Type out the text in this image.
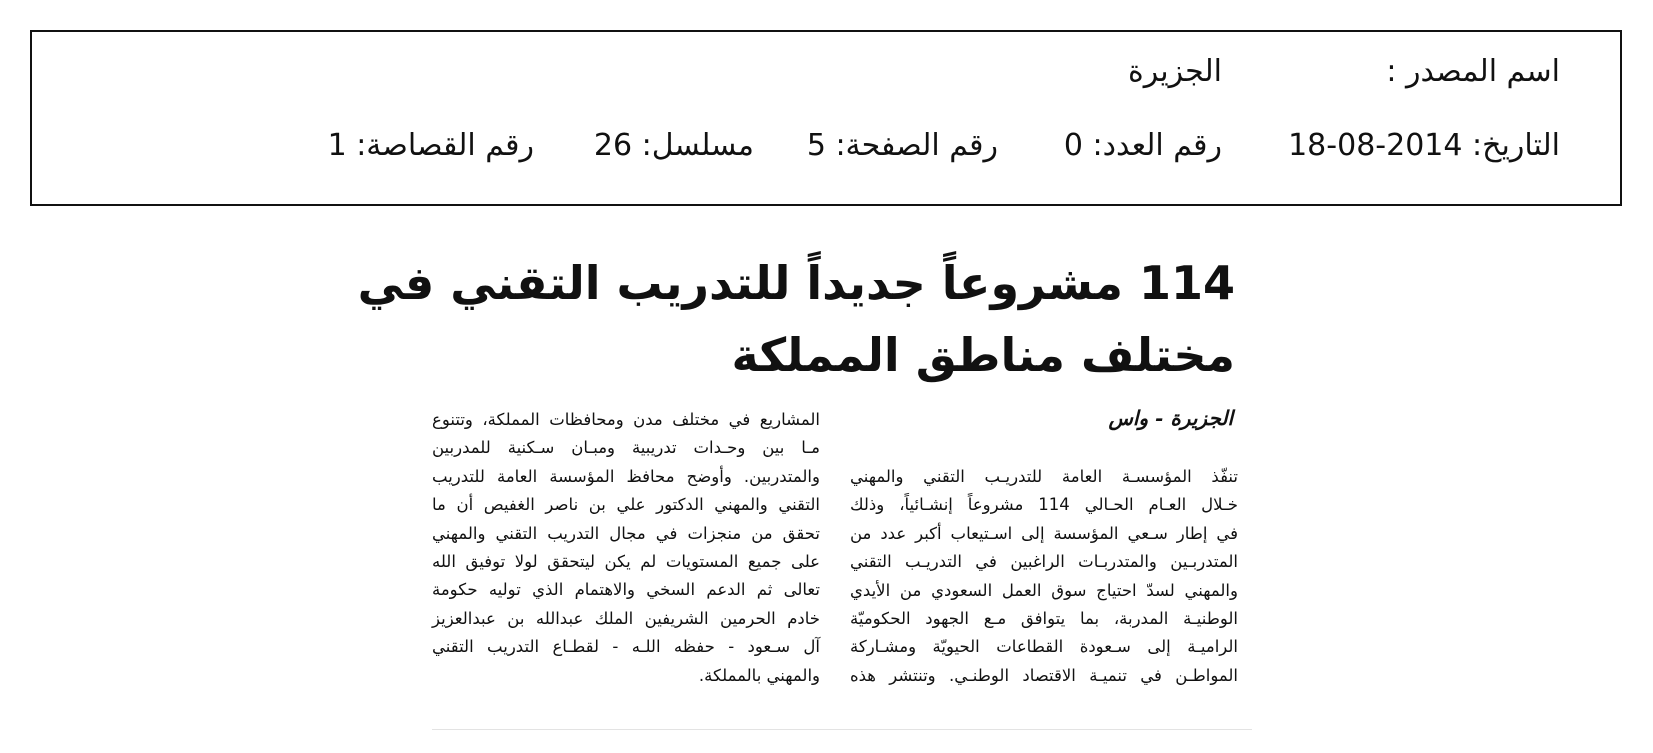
اسم المصدر :
الجزيرة
التاريخ: 2014-08-18
رقم العدد: 0
رقم الصفحة: 5
مسلسل: 26
رقم القصاصة: 1
114 مشروعاً جديداً للتدريب التقني في
مختلف مناطق المملكة
الجزيرة - واس
تنفّذ المؤسسـة العامة للتدريـب التقني والمهني
خـلال العـام الحـالي 114 مشروعاً إنشـائياً، وذلك
في إطار سـعي المؤسسة إلى اسـتيعاب أكبر عدد من
المتدربـين والمتدربـات الراغبين في التدريـب التقني
والمهني لسدّ احتياج سوق العمل السعودي من الأيدي
الوطنيـة المدربة، بما يتوافق مـع الجهود الحكوميّة
الراميـة إلى سـعودة القطاعات الحيويّة ومشـاركة
المواطـن في تنميـة الاقتصاد الوطنـي. وتنتشر هذه
المشاريع في مختلف مدن ومحافظات المملكة، وتتنوع
مـا بين وحـدات تدريبية ومبـان سـكنية للمدربين
والمتدربين. وأوضح محافظ المؤسسة العامة للتدريب
التقني والمهني الدكتور علي بن ناصر الغفيص أن ما
تحقق من منجزات في مجال التدريب التقني والمهني
على جميع المستويات لم يكن ليتحقق لولا توفيق الله
تعالى ثم الدعم السخي والاهتمام الذي توليه حكومة
خادم الحرمين الشريفين الملك عبدالله بن عبدالعزيز
آل سـعود - حفظه اللـه - لقطـاع التدريب التقني
والمهني بالمملكة.
